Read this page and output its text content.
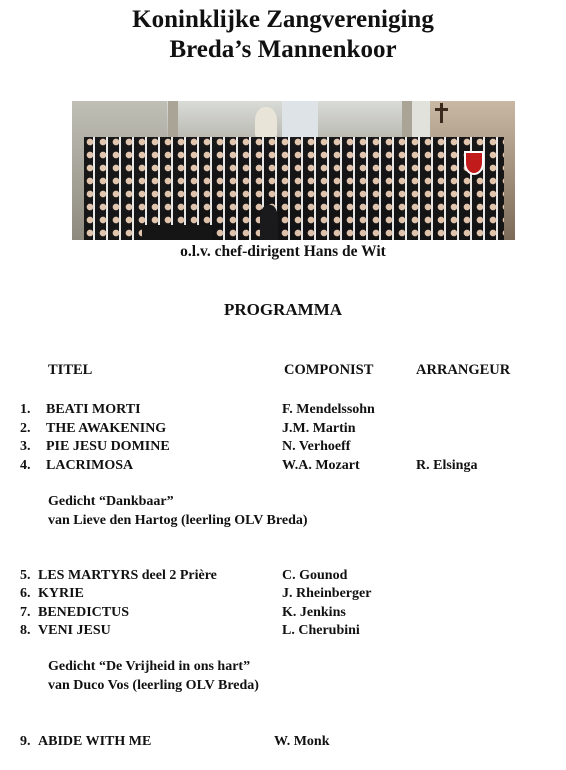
Koninklijke Zangvereniging
Breda’s Mannenkoor
o.l.v. chef-dirigent Hans de Wit
PROGRAMMA
TITEL	COMPONIST	ARRANGEUR
1. BEATI MORTI	F. Mendelssohn
2. THE AWAKENING	J.M. Martin
3. PIE JESU DOMINE	N. Verhoeff
4. LACRIMOSA	W.A. Mozart	R. Elsinga
Gedicht “Dankbaar”
van Lieve den Hartog (leerling OLV Breda)
5. LES MARTYRS deel 2 Prière	C. Gounod
6. KYRIE	J. Rheinberger
7. BENEDICTUS	K. Jenkins
8. VENI JESU	L. Cherubini
Gedicht “De Vrijheid in ons hart”
van Duco Vos (leerling OLV Breda)
9. ABIDE WITH ME	W. Monk
